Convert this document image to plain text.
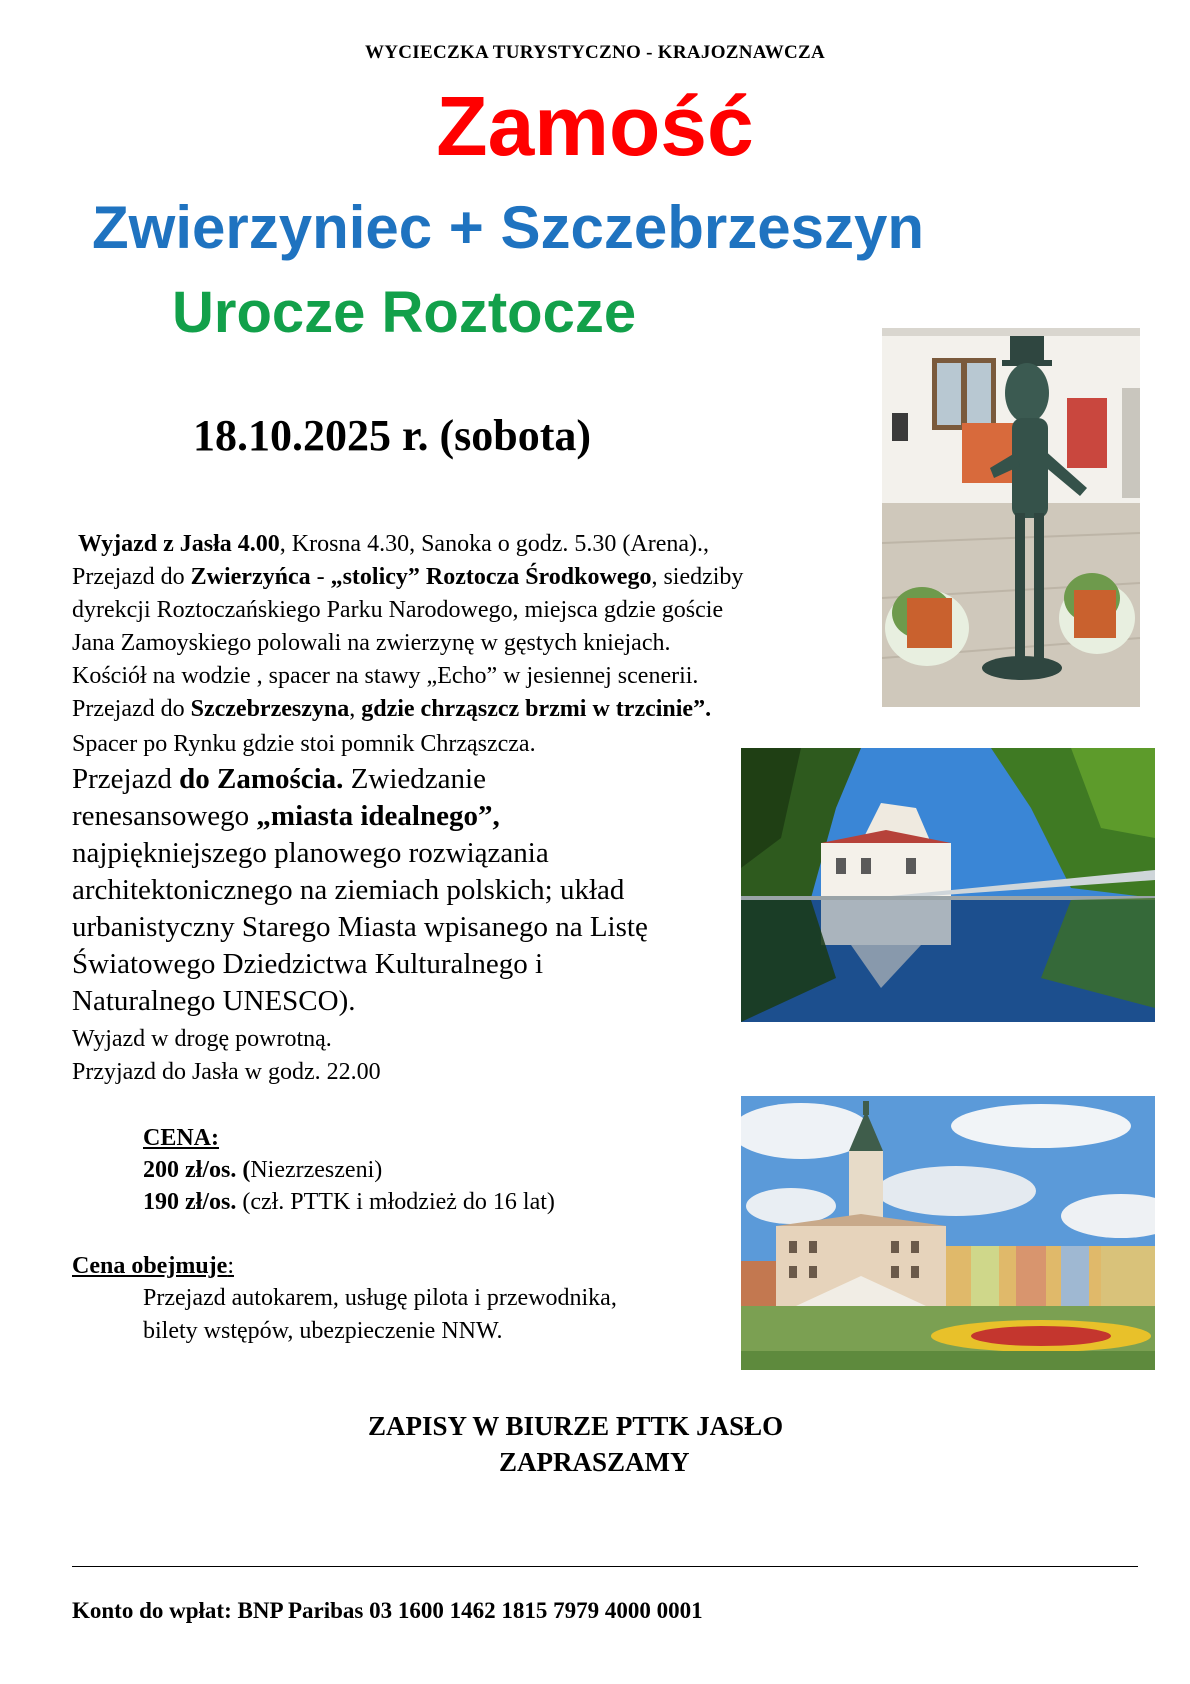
WYCIECZKA TURYSTYCZNO - KRAJOZNAWCZA
Zamość
Zwierzyniec + Szczebrzeszyn
Urocze Roztocze
18.10.2025 r. (sobota)
Wyjazd z Jasła 4.00, Krosna 4.30, Sanoka o godz. 5.30 (Arena).,
Przejazd do Zwierzyńca - „stolicy” Roztocza Środkowego, siedziby
dyrekcji Roztoczańskiego Parku Narodowego, miejsca gdzie goście
Jana Zamoyskiego polowali na zwierzynę w gęstych kniejach.
Kościół na wodzie , spacer na stawy „Echo” w jesiennej scenerii.
Przejazd do Szczebrzeszyna, gdzie chrząszcz brzmi w trzcinie”.
Spacer po Rynku gdzie stoi pomnik Chrząszcza.
Przejazd do Zamościa. Zwiedzanie
renesansowego „miasta idealnego”,
najpiękniejszego planowego rozwiązania
architektonicznego na ziemiach polskich; układ
urbanistyczny Starego Miasta wpisanego na Listę
Światowego Dziedzictwa Kulturalnego i
Naturalnego UNESCO).
Wyjazd w drogę powrotną.
Przyjazd do Jasła w godz. 22.00
CENA:
200 zł/os. (Niezrzeszeni)
190 zł/os. (czł. PTTK i młodzież do 16 lat)
Cena obejmuje:
Przejazd autokarem, usługę pilota i przewodnika,
bilety wstępów, ubezpieczenie NNW.
ZAPISY W BIURZE PTTK JASŁO
ZAPRASZAMY
Konto do wpłat: BNP Paribas 03 1600 1462 1815 7979 4000 0001
